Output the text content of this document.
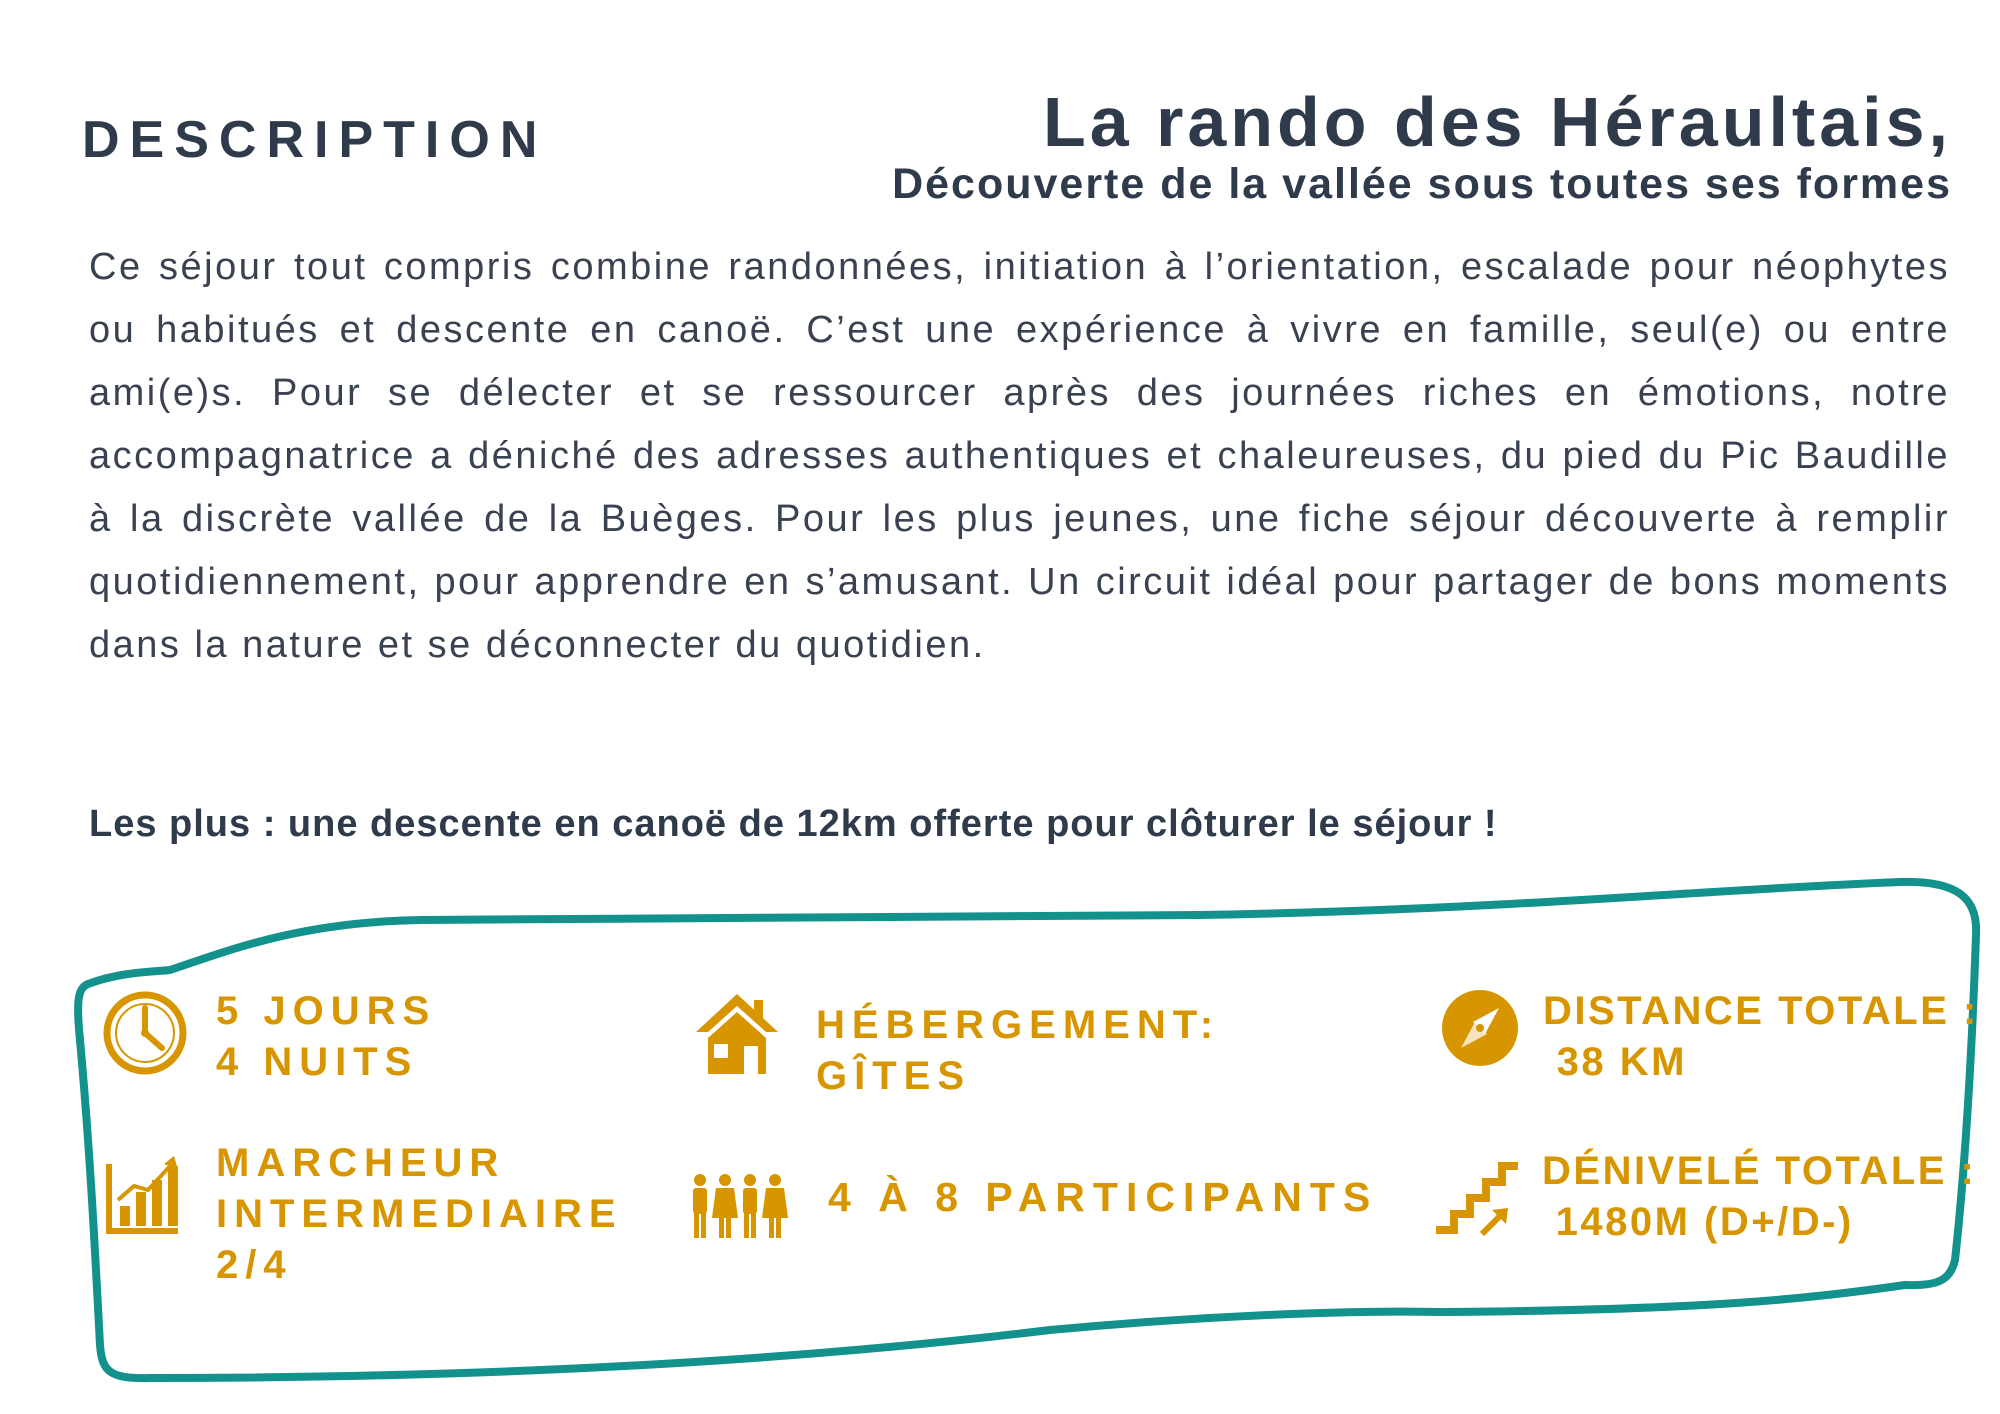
DESCRIPTION	La rando des Héraultais,
Découverte de la vallée sous toutes ses formes

Ce séjour tout compris combine randonnées, initiation à l’orientation, escalade pour néophytes ou habitués et descente en canoë. C’est une expérience à vivre en famille, seul(e) ou entre ami(e)s. Pour se délecter et se ressourcer après des journées riches en émotions, notre accompagnatrice a déniché des adresses authentiques et chaleureuses, du pied du Pic Baudille à la discrète vallée de la Buèges. Pour les plus jeunes, une fiche séjour découverte à remplir quotidiennement, pour apprendre en s’amusant. Un circuit idéal pour partager de bons moments dans la nature et se déconnecter du quotidien.

Les plus : une descente en canoë de 12km offerte pour clôturer le séjour !

5 JOURS
4 NUITS
HÉBERGEMENT:
GÎTES
DISTANCE TOTALE :
38 KM
MARCHEUR
INTERMEDIAIRE
2/4
4 À 8 PARTICIPANTS
DÉNIVELÉ TOTALE :
1480M (D+/D-)
